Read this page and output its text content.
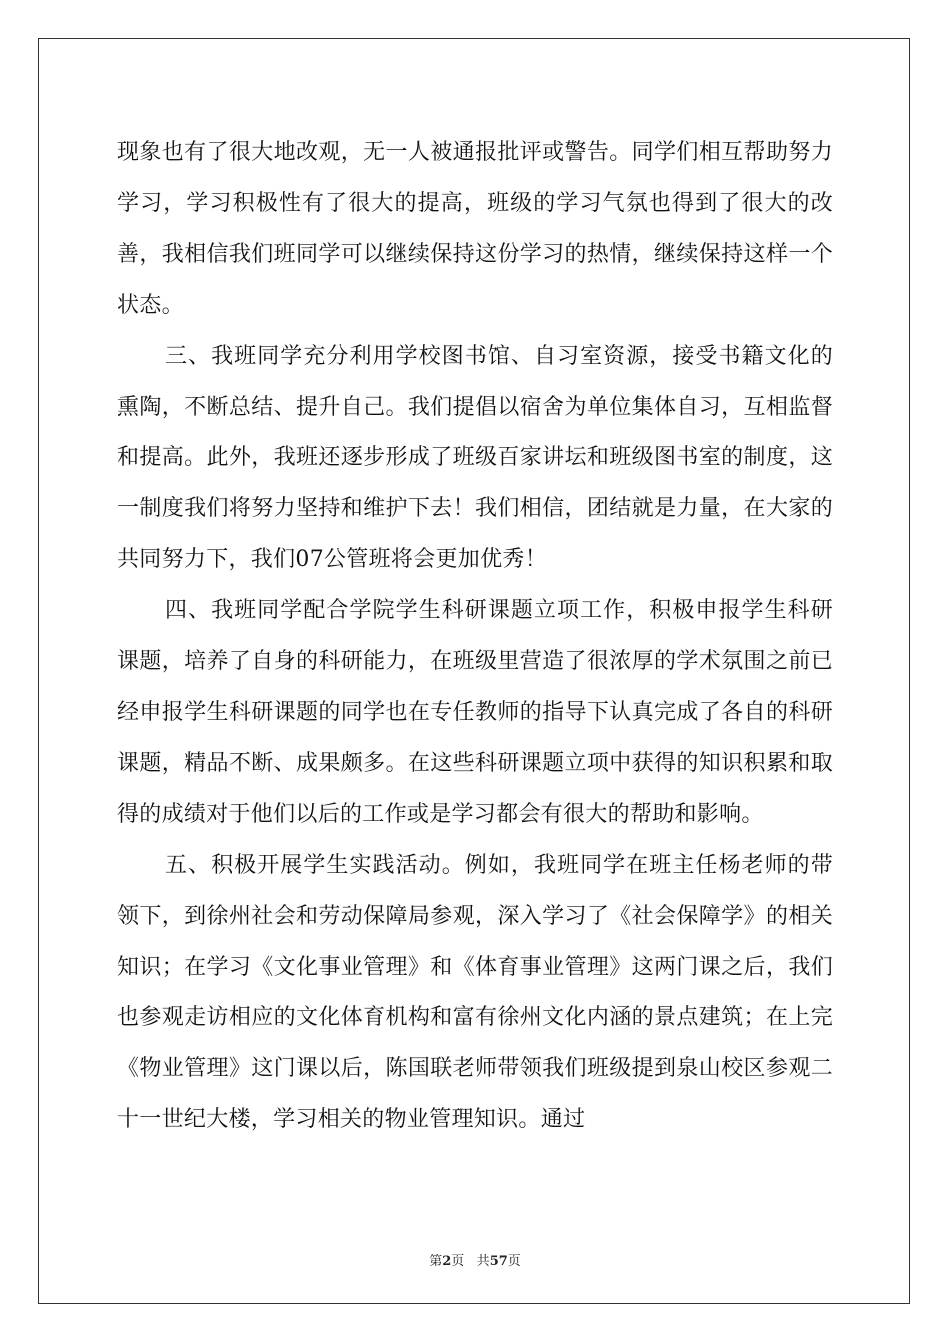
现象也有了很大地改观，无一人被通报批评或警告。同学们相互帮助努力学习，学习积极性有了很大的提高，班级的学习气氛也得到了很大的改善，我相信我们班同学可以继续保持这份学习的热情，继续保持这样一个状态。

三、我班同学充分利用学校图书馆、自习室资源，接受书籍文化的熏陶，不断总结、提升自己。我们提倡以宿舍为单位集体自习，互相监督和提高。此外，我班还逐步形成了班级百家讲坛和班级图书室的制度，这一制度我们将努力坚持和维护下去！我们相信，团结就是力量，在大家的共同努力下，我们07公管班将会更加优秀！

四、我班同学配合学院学生科研课题立项工作，积极申报学生科研课题，培养了自身的科研能力，在班级里营造了很浓厚的学术氛围之前已经申报学生科研课题的同学也在专任教师的指导下认真完成了各自的科研课题，精品不断、成果颇多。在这些科研课题立项中获得的知识积累和取得的成绩对于他们以后的工作或是学习都会有很大的帮助和影响。

五、积极开展学生实践活动。例如，我班同学在班主任杨老师的带领下，到徐州社会和劳动保障局参观，深入学习了《社会保障学》的相关知识；在学习《文化事业管理》和《体育事业管理》这两门课之后，我们也参观走访相应的文化体育机构和富有徐州文化内涵的景点建筑；在上完《物业管理》这门课以后，陈国联老师带领我们班级提到泉山校区参观二十一世纪大楼，学习相关的物业管理知识。通过

第2页 共57页
